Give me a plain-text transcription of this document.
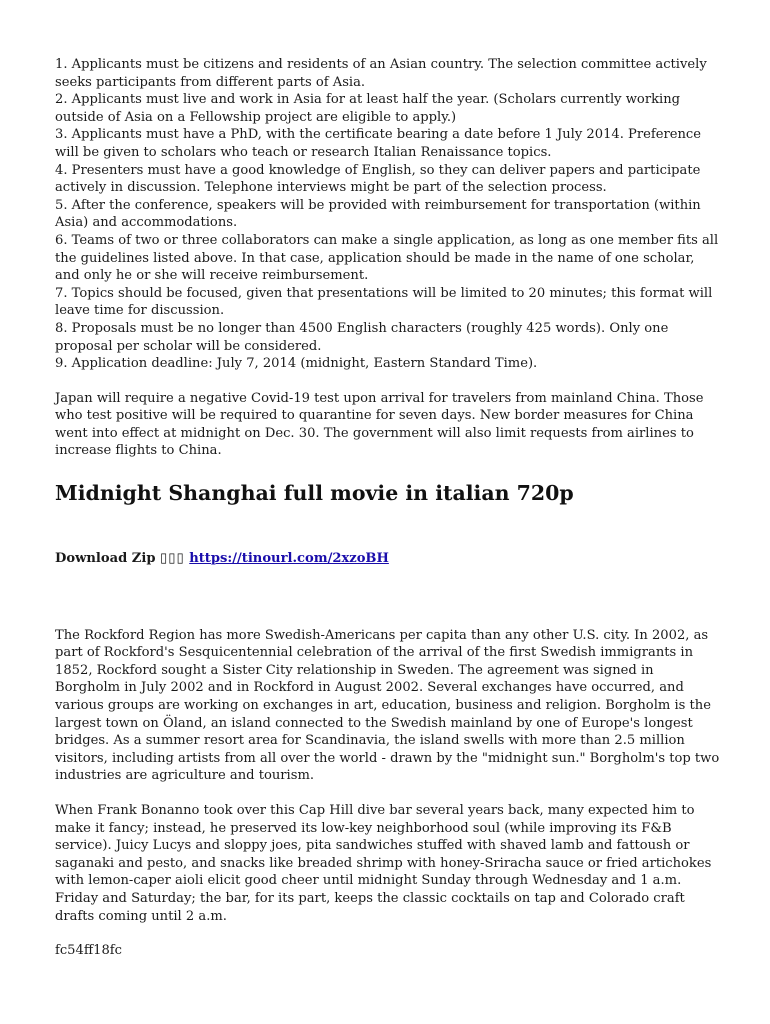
1. Applicants must be citizens and residents of an Asian country. The selection committee actively seeks participants from different parts of Asia.

2. Applicants must live and work in Asia for at least half the year. (Scholars currently working outside of Asia on a Fellowship project are eligible to apply.)

3. Applicants must have a PhD, with the certificate bearing a date before 1 July 2014. Preference will be given to scholars who teach or research Italian Renaissance topics.

4. Presenters must have a good knowledge of English, so they can deliver papers and participate actively in discussion. Telephone interviews might be part of the selection process.

5. After the conference, speakers will be provided with reimbursement for transportation (within Asia) and accommodations.

6. Teams of two or three collaborators can make a single application, as long as one member fits all the guidelines listed above. In that case, application should be made in the name of one scholar, and only he or she will receive reimbursement.

7. Topics should be focused, given that presentations will be limited to 20 minutes; this format will leave time for discussion.

8. Proposals must be no longer than 4500 English characters (roughly 425 words). Only one proposal per scholar will be considered.

9. Application deadline: July 7, 2014 (midnight, Eastern Standard Time).

Japan will require a negative Covid-19 test upon arrival for travelers from mainland China. Those who test positive will be required to quarantine for seven days. New border measures for China went into effect at midnight on Dec. 30. The government will also limit requests from airlines to increase flights to China.

Midnight Shanghai full movie in italian 720p
Download Zip ▯▯▯ https://tinourl.com/2xzoBH

The Rockford Region has more Swedish-Americans per capita than any other U.S. city. In 2002, as part of Rockford's Sesquicentennial celebration of the arrival of the first Swedish immigrants in 1852, Rockford sought a Sister City relationship in Sweden. The agreement was signed in Borgholm in July 2002 and in Rockford in August 2002. Several exchanges have occurred, and various groups are working on exchanges in art, education, business and religion. Borgholm is the largest town on Öland, an island connected to the Swedish mainland by one of Europe's longest bridges. As a summer resort area for Scandinavia, the island swells with more than 2.5 million visitors, including artists from all over the world - drawn by the "midnight sun." Borgholm's top two industries are agriculture and tourism.

When Frank Bonanno took over this Cap Hill dive bar several years back, many expected him to make it fancy; instead, he preserved its low-key neighborhood soul (while improving its F&B service). Juicy Lucys and sloppy joes, pita sandwiches stuffed with shaved lamb and fattoush or saganaki and pesto, and snacks like breaded shrimp with honey-Sriracha sauce or fried artichokes with lemon-caper aioli elicit good cheer until midnight Sunday through Wednesday and 1 a.m. Friday and Saturday; the bar, for its part, keeps the classic cocktails on tap and Colorado craft drafts coming until 2 a.m.

fc54ff18fc
